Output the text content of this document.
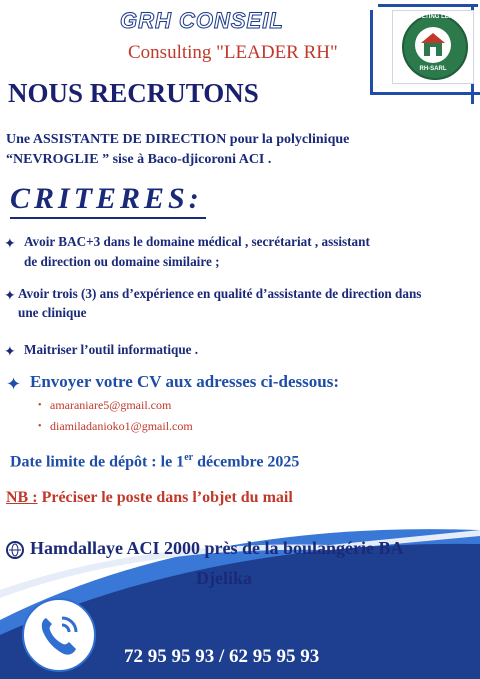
GRH CONSEIL
Consulting "LEADER RH"
CONSULTING LEADER
RH-SARL
NOUS RECRUTONS
Une ASSISTANTE DE DIRECTION pour la polyclinique
“NEVROGLIE ” sise à Baco-djicoroni ACI .
CRITERES:
✦ Avoir BAC+3 dans le domaine médical , secrétariat , assistant
de direction ou domaine similaire ;
✦ Avoir trois (3) ans d’expérience en qualité d’assistante de direction dans
une clinique
✦ Maitriser l’outil informatique .
✦ Envoyer votre CV aux adresses ci-dessous:
• amaraniare5@gmail.com
• diamiladanioko1@gmail.com
Date limite de dépôt : le 1er décembre 2025
NB : Préciser le poste dans l’objet du mail
Hamdallaye ACI 2000 près de la boulangérie BA
Djelika
72 95 95 93 / 62 95 95 93
